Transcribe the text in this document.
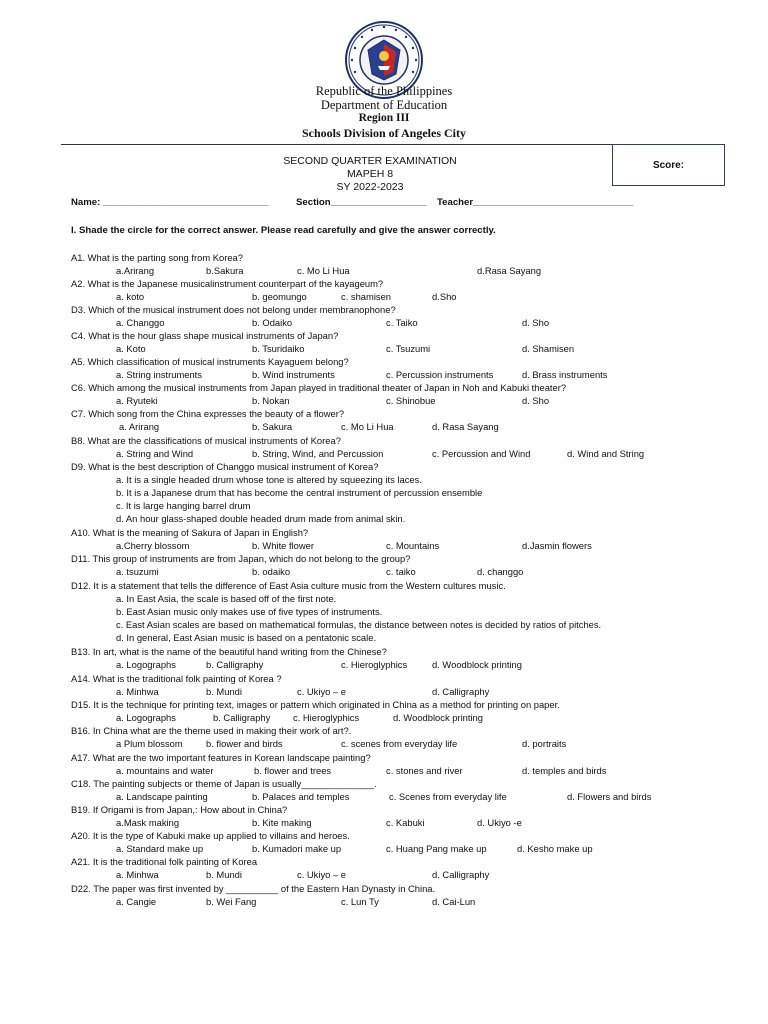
Republic of the Philippines
Department of Education
Region III
Schools Division of Angeles City
Score:
SECOND QUARTER EXAMINATION
MAPEH 8
SY 2022-2023
Name: _______________________________	Section__________________ Teacher______________________________
I. Shade the circle for the correct answer. Please read carefully and give the answer correctly.
A1. What is the parting song from Korea?
a.Arirang	b.Sakura	c. Mo Li Hua	d.Rasa Sayang
A2. What is the Japanese musicalinstrument counterpart of the kayageum?
a. koto	b. geomungo	c. shamisen	d.Sho
D3. Which of the musical instrument does not belong under membranophone?
a. Changgo	b. Odaiko	c. Taiko	d. Sho
C4. What is the hour glass shape musical instruments of Japan?
a. Koto	b. Tsuridaiko	c. Tsuzumi	d. Shamisen
A5. Which classification of musical instruments Kayaguem belong?
a. String instruments	b. Wind instruments	c. Percussion instruments	d. Brass instruments
C6. Which among the musical instruments from Japan played in traditional theater of Japan in Noh and Kabuki theater?
a. Ryuteki	b. Nokan	c. Shinobue	d. Sho
C7. Which song from the China expresses the beauty of a flower?
a. Arirang	b. Sakura	c. Mo Li Hua	d. Rasa Sayang
B8. What are the classifications of musical instruments of Korea?
a. String and Wind	b. String, Wind, and Percussion	c. Percussion and Wind	d. Wind and String
D9. What is the best description of Changgo musical instrument of Korea?
a. It is a single headed drum whose tone is altered by squeezing its laces.
b. It is a Japanese drum that has become the central instrument of percussion ensemble
c. It is large hanging barrel drum
d. An hour glass-shaped double headed drum made from animal skin.
A10. What is the meaning of Sakura of Japan in English?
a.Cherry blossom	b. White flower	c. Mountains	d.Jasmin flowers
D11. This group of instruments are from Japan, which do not belong to the group?
a. tsuzumi	b. odaiko	c. taiko	d. changgo
D12. It is a statement that tells the difference of East Asia culture music from the Western cultures music.
a. In East Asia, the scale is based off of the first note.
b. East Asian music only makes use of five types of instruments.
c. East Asian scales are based on mathematical formulas, the distance between notes is decided by ratios of pitches.
d. In general, East Asian music is based on a pentatonic scale.
B13. In art, what is the name of the beautiful hand writing from the Chinese?
a. Logographs	b. Calligraphy	c. Hieroglyphics	d. Woodblock printing
A14. What is the traditional folk painting of Korea ?
a. Minhwa	b. Mundi	c. Ukiyo – e	d. Calligraphy
D15. It is the technique for printing text, images or pattern which originated in China as a method for printing on paper.
a. Logographs	b. Calligraphy c. Hieroglyphics	d. Woodblock printing
B16. In China what are the theme used in making their work of art?.
a Plum blossom b. flower and birds	c. scenes from everyday life	d. portraits
A17. What are the two important features in Korean landscape painting?
a. mountains and water	b. flower and trees	c. stones and river	d. temples and birds
C18. The painting subjects or theme of Japan is usually______________.
a. Landscape painting	b. Palaces and temples	c. Scenes from everyday life	d. Flowers and birds
B19. If Origami is from Japan,: How about in China?
a.Mask making	b. Kite making	c. Kabuki	d. Ukiyo -e
A20. It is the type of Kabuki make up applied to villains and heroes.
a. Standard make up	b. Kumadori make up	c. Huang Pang make up	d. Kesho make up
A21. It is the traditional folk painting of Korea
a. Minhwa	b. Mundi	c. Ukiyo – e	d. Calligraphy
D22. The paper was first invented by __________ of the Eastern Han Dynasty in China.
a. Cangie	b. Wei Fang	c. Lun Ty	d. Cai-Lun
